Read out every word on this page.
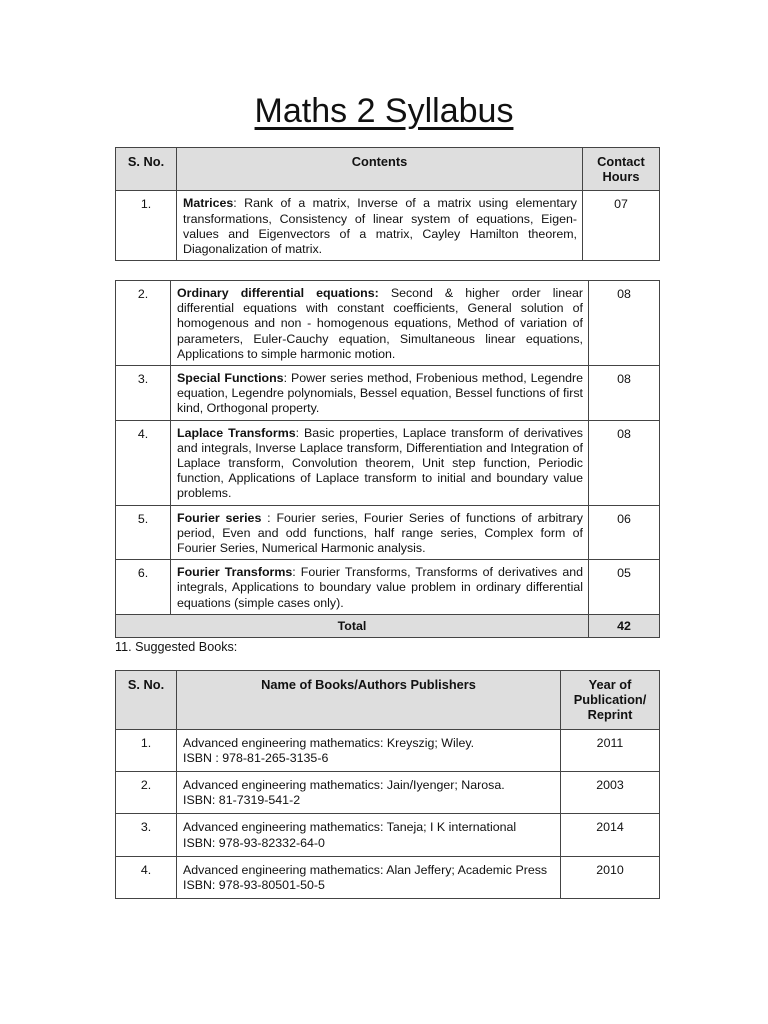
Maths 2 Syllabus
S. No.	Contents	Contact Hours
1.	Matrices: Rank of a matrix, Inverse of a matrix using elementary transformations, Consistency of linear system of equations, Eigen-values and Eigenvectors of a matrix, Cayley Hamilton theorem, Diagonalization of matrix.	07
2.	Ordinary differential equations: Second & higher order linear differential equations with constant coefficients, General solution of homogenous and non - homogenous equations, Method of variation of parameters, Euler-Cauchy equation, Simultaneous linear equations, Applications to simple harmonic motion.	08
3.	Special Functions: Power series method, Frobenious method, Legendre equation, Legendre polynomials, Bessel equation, Bessel functions of first kind, Orthogonal property.	08
4.	Laplace Transforms: Basic properties, Laplace transform of derivatives and integrals, Inverse Laplace transform, Differentiation and Integration of Laplace transform, Convolution theorem, Unit step function, Periodic function, Applications of Laplace transform to initial and boundary value problems.	08
5.	Fourier series : Fourier series, Fourier Series of functions of arbitrary period, Even and odd functions, half range series, Complex form of Fourier Series, Numerical Harmonic analysis.	06
6.	Fourier Transforms: Fourier Transforms, Transforms of derivatives and integrals, Applications to boundary value problem in ordinary differential equations (simple cases only).	05
Total		42
11. Suggested Books:
S. No.	Name of Books/Authors Publishers	Year of Publication/ Reprint
1.	Advanced engineering mathematics: Kreyszig; Wiley.
ISBN : 978-81-265-3135-6	2011
2.	Advanced engineering mathematics: Jain/Iyenger; Narosa.
ISBN: 81-7319-541-2	2003
3.	Advanced engineering mathematics: Taneja; I K international
ISBN: 978-93-82332-64-0	2014
4.	Advanced engineering mathematics: Alan Jeffery; Academic Press
ISBN: 978-93-80501-50-5	2010
